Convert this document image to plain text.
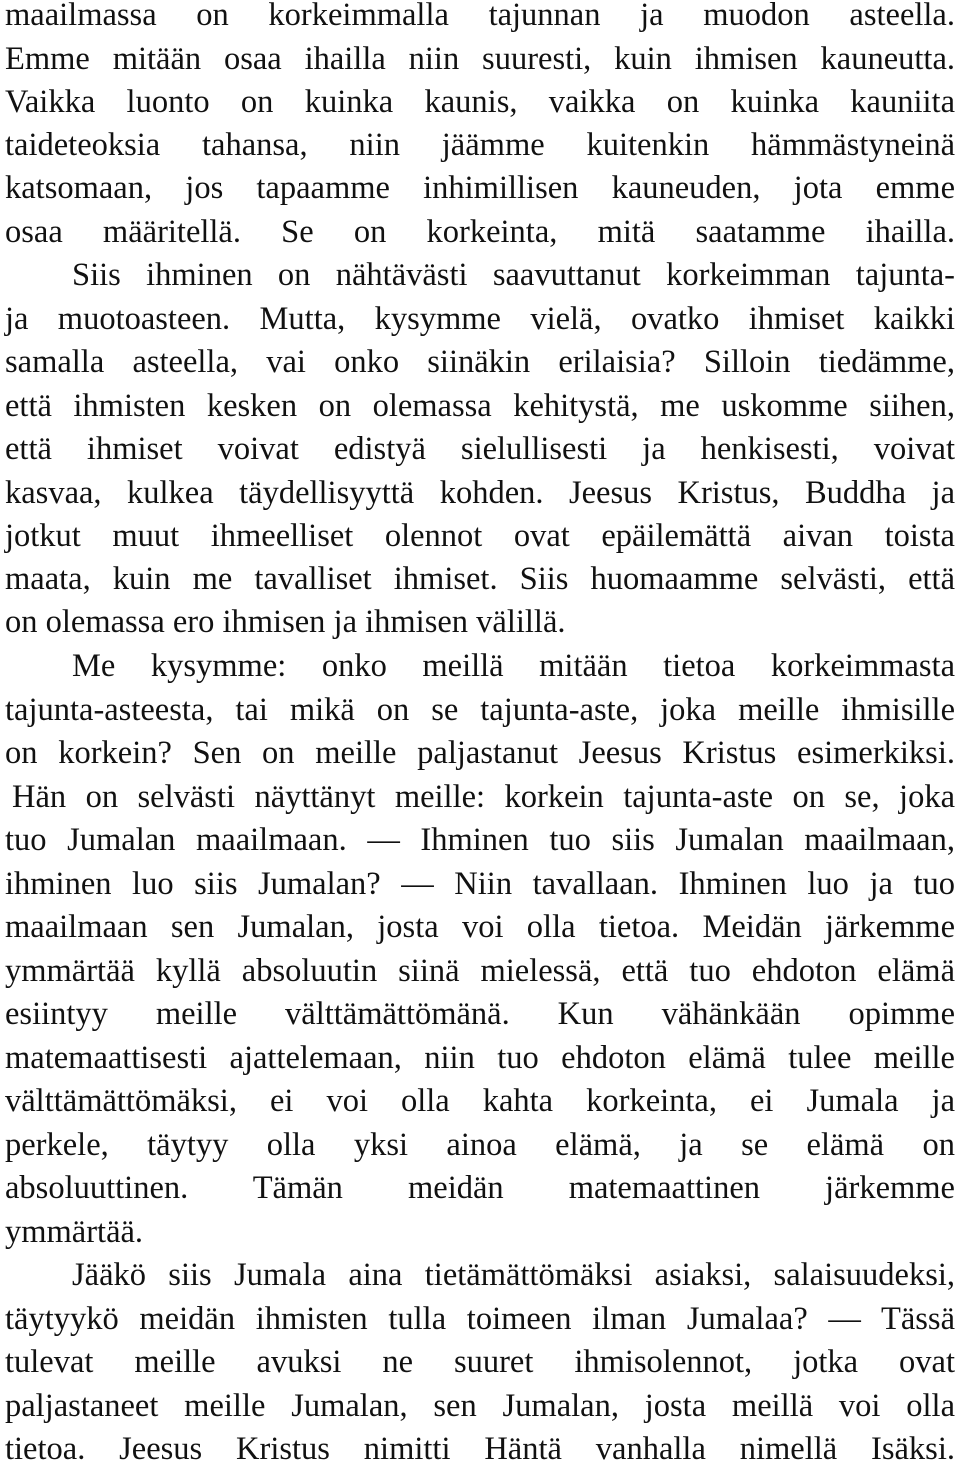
maailmassa on korkeimmalla tajunnan ja muodon asteella.
Emme mitään osaa ihailla niin suuresti, kuin ihmisen kauneutta.
Vaikka luonto on kuinka kaunis, vaikka on kuinka kauniita
taideteoksia tahansa, niin jäämme kuitenkin hämmästyneinä
katsomaan, jos tapaamme inhimillisen kauneuden, jota emme
osaa määritellä. Se on korkeinta, mitä saatamme ihailla.
Siis ihminen on nähtävästi saavuttanut korkeimman tajunta-
ja muotoasteen. Mutta, kysymme vielä, ovatko ihmiset kaikki
samalla asteella, vai onko siinäkin erilaisia? Silloin tiedämme,
että ihmisten kesken on olemassa kehitystä, me uskomme siihen,
että ihmiset voivat edistyä sielullisesti ja henkisesti, voivat
kasvaa, kulkea täydellisyyttä kohden. Jeesus Kristus, Buddha ja
jotkut muut ihmeelliset olennot ovat epäilemättä aivan toista
maata, kuin me tavalliset ihmiset. Siis huomaamme selvästi, että
on olemassa ero ihmisen ja ihmisen välillä.
Me kysymme: onko meillä mitään tietoa korkeimmasta
tajunta-asteesta, tai mikä on se tajunta-aste, joka meille ihmisille
on korkein? Sen on meille paljastanut Jeesus Kristus esimerkiksi.
Hän on selvästi näyttänyt meille: korkein tajunta-aste on se, joka
tuo Jumalan maailmaan. — Ihminen tuo siis Jumalan maailmaan,
ihminen luo siis Jumalan? — Niin tavallaan. Ihminen luo ja tuo
maailmaan sen Jumalan, josta voi olla tietoa. Meidän järkemme
ymmärtää kyllä absoluutin siinä mielessä, että tuo ehdoton elämä
esiintyy meille välttämättömänä. Kun vähänkään opimme
matemaattisesti ajattelemaan, niin tuo ehdoton elämä tulee meille
välttämättömäksi, ei voi olla kahta korkeinta, ei Jumala ja
perkele, täytyy olla yksi ainoa elämä, ja se elämä on
absoluuttinen. Tämän meidän matemaattinen järkemme
ymmärtää.
Jääkö siis Jumala aina tietämättömäksi asiaksi, salaisuudeksi,
täytyykö meidän ihmisten tulla toimeen ilman Jumalaa? — Tässä
tulevat meille avuksi ne suuret ihmisolennot, jotka ovat
paljastaneet meille Jumalan, sen Jumalan, josta meillä voi olla
tietoa. Jeesus Kristus nimitti Häntä vanhalla nimellä Isäksi.
